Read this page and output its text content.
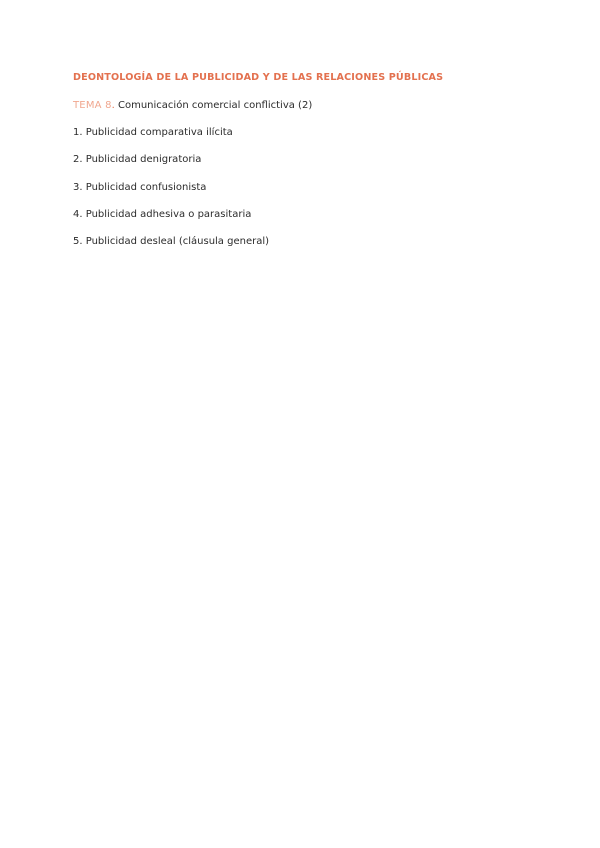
DEONTOLOGÍA DE LA PUBLICIDAD Y DE LAS RELACIONES PÚBLICAS
TEMA 8. Comunicación comercial conflictiva (2)
1. Publicidad comparativa ilícita
2. Publicidad denigratoria
3. Publicidad confusionista
4. Publicidad adhesiva o parasitaria
5. Publicidad desleal (cláusula general)
